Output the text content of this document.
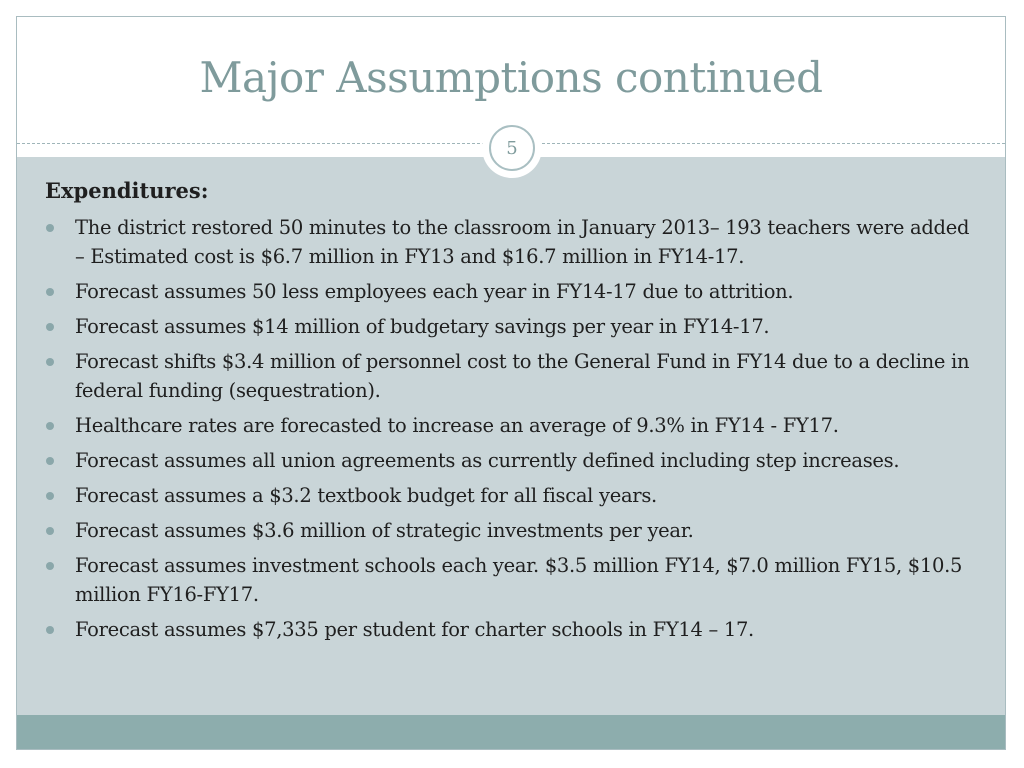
Major Assumptions continued
5
Expenditures:
The district restored 50 minutes to the classroom in January 2013– 193 teachers were added – Estimated cost is $6.7 million in FY13 and $16.7 million in FY14-17.
Forecast assumes 50 less employees each year in FY14-17 due to attrition.
Forecast assumes $14 million of budgetary savings per year in FY14-17.
Forecast shifts $3.4 million of personnel cost to the General Fund in FY14 due to a decline in federal funding (sequestration).
Healthcare rates are forecasted to increase an average of 9.3% in FY14 - FY17.
Forecast assumes all union agreements as currently defined including step increases.
Forecast assumes a $3.2 textbook budget for all fiscal years.
Forecast assumes $3.6 million of strategic investments per year.
Forecast assumes investment schools each year. $3.5 million FY14, $7.0 million FY15, $10.5 million FY16-FY17.
Forecast assumes $7,335 per student for charter schools in FY14 – 17.
